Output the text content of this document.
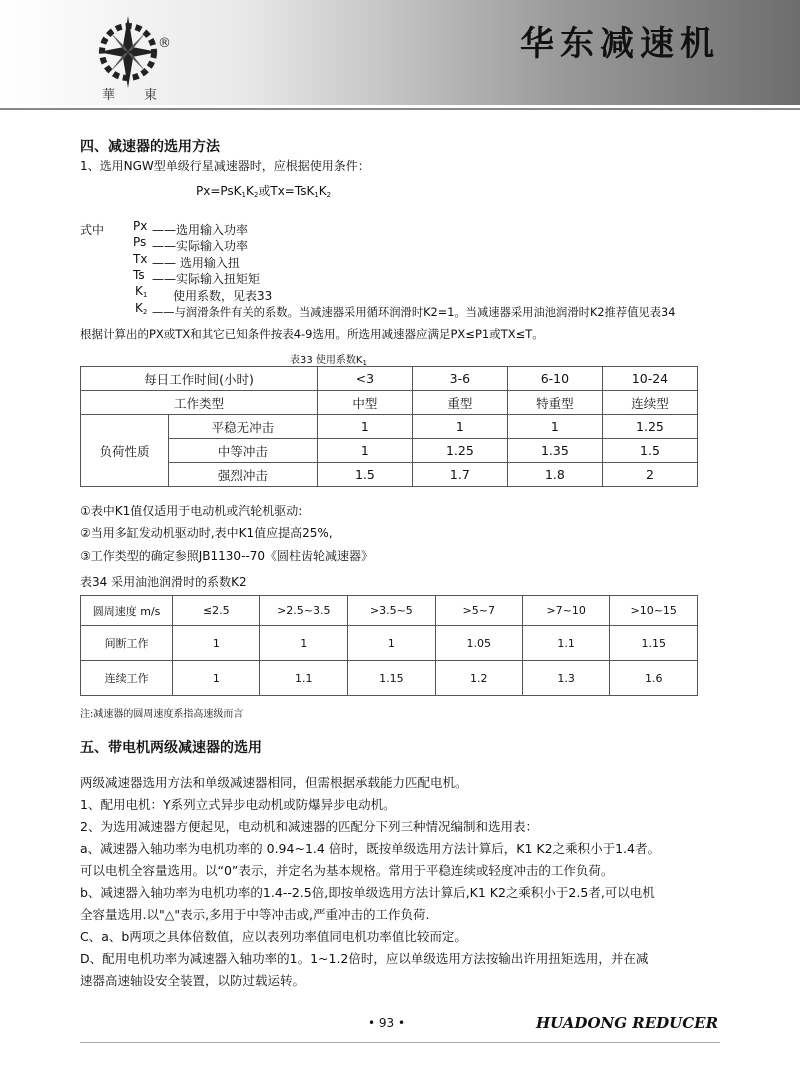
®
華 東
华东减速机
四、减速器的选用方法
1、选用NGW型单级行星减速器时，应根据使用条件：
$Px=PsK_1K_2$或$Tx=TsK_1K_2$
式中 Px ——选用输入功率
Ps ——实际输入功率
Tx —— 选用输入扭
Ts ——实际输入扭矩矩
$K_1$ 使用系数，见表33
$K_2$ ——与润滑条件有关的系数。当减速器采用循环润滑时K2=1。当减速器采用油池润滑时K2推荐值见表34
根据计算出的PX或TX和其它已知条件按表4-9选用。所选用减速器应满足PX≤P1或TX≤T。
表33 使用系数$K_1$
每日工作时间(小时)		<3	3-6	6-10	10-24
工作类型		中型	重型	特重型	连续型
负荷性质	平稳无冲击	1	1	1	1.25
	中等冲击	1	1.25	1.35	1.5
	强烈冲击	1.5	1.7	1.8	2
①表中K1值仅适用于电动机或汽轮机驱动:
②当用多缸发动机驱动时,表中K1值应提高25%,
③工作类型的确定参照JB1130--70《圆柱齿轮减速器》
表34 采用油池润滑时的系数K2
圆周速度 m/s	≤2.5	>2.5~3.5	>3.5~5	>5~7	>7~10	>10~15
间断工作	1	1	1	1.05	1.1	1.15
连续工作	1	1.1	1.15	1.2	1.3	1.6
注:减速器的圆周速度系指高速级而言
五、带电机两级减速器的选用
两级减速器选用方法和单级减速器相同，但需根据承载能力匹配电机。
1、配用电机：Y系列立式异步电动机或防爆异步电动机。
2、为选用减速器方便起见，电动机和减速器的匹配分下列三种情况编制和选用表：
a、减速器入轴功率为电机功率的 0.94~1.4 倍时，既按单级选用方法计算后，K1 K2之乘积小于1.4者。
可以电机全容量选用。以“0”表示，并定名为基本规格。常用于平稳连续或轻度冲击的工作负荷。
b、减速器入轴功率为电机功率的1.4--2.5倍,即按单级选用方法计算后,K1 K2之乘积小于2.5者,可以电机
全容量选用.以"△"表示,多用于中等冲击或,严重冲击的工作负荷.
C、a、b两项之具体倍数值，应以表列功率值同电机功率值比较而定。
D、配用电机功率为减速器入轴功率的1。1~1.2倍时，应以单级选用方法按输出许用扭矩选用，并在减
速器高速轴设安全装置，以防过载运转。
• 93 •	HUADONG REDUCER
